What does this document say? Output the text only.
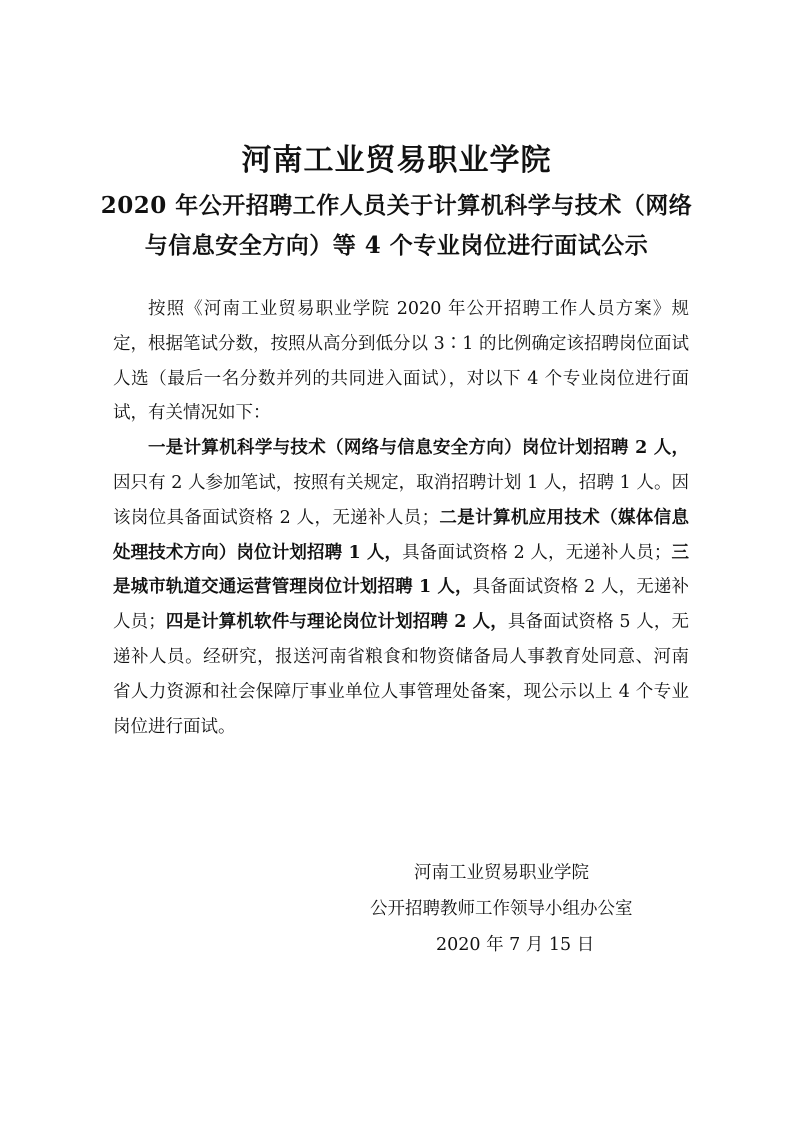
河南工业贸易职业学院
2020 年公开招聘工作人员关于计算机科学与技术（网络
与信息安全方向）等 4 个专业岗位进行面试公示

按照《河南工业贸易职业学院 2020 年公开招聘工作人员方案》规定，根据笔试分数，按照从高分到低分以 3∶1 的比例确定该招聘岗位面试人选（最后一名分数并列的共同进入面试），对以下 4 个专业岗位进行面试，有关情况如下：

一是计算机科学与技术（网络与信息安全方向）岗位计划招聘 2 人，因只有 2 人参加笔试，按照有关规定，取消招聘计划 1 人，招聘 1 人。因该岗位具备面试资格 2 人，无递补人员；二是计算机应用技术（媒体信息处理技术方向）岗位计划招聘 1 人，具备面试资格 2 人，无递补人员；三是城市轨道交通运营管理岗位计划招聘 1 人，具备面试资格 2 人，无递补人员；四是计算机软件与理论岗位计划招聘 2 人，具备面试资格 5 人，无递补人员。经研究，报送河南省粮食和物资储备局人事教育处同意、河南省人力资源和社会保障厅事业单位人事管理处备案，现公示以上 4 个专业岗位进行面试。

河南工业贸易职业学院
公开招聘教师工作领导小组办公室
2020 年 7 月 15 日
